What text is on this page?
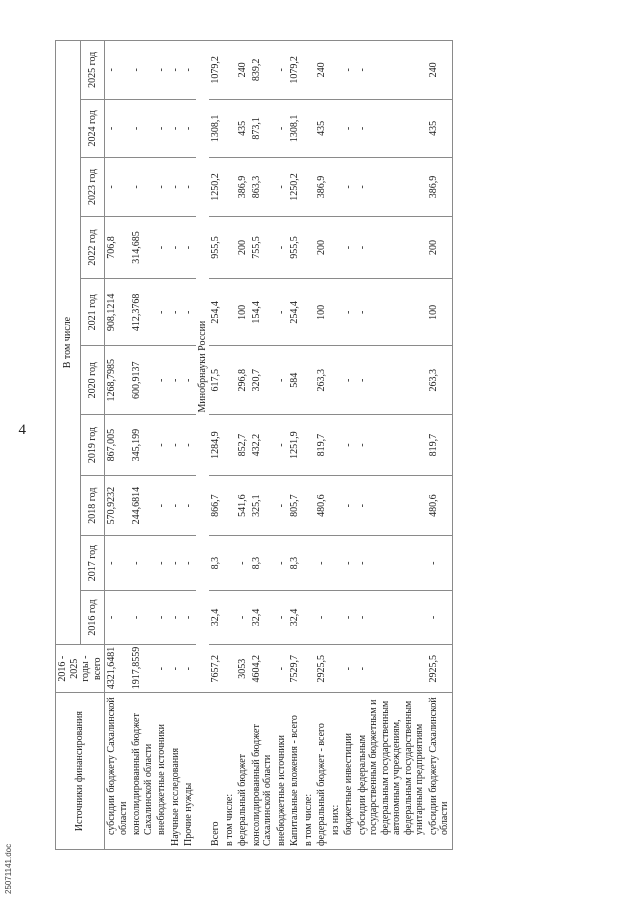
4
Источники финансирования	2016 - 2025 годы - всего	В том числе									
		2016 год	2017 год	2018 год	2019 год	2020 год	2021 год	2022 год	2023 год	2024 год	2025 год
субсидии бюджету Сахалинской области	4321,6481	-	-	570,9232	867,005	1268,7985	908,1214	706,8	-	-	-
консолидированный бюджет Сахалинской области	1917,8559	-	-	244,6814	345,199	600,9137	412,3768	314,685	-	-	-
внебюджетные источники	-	-	-	-	-	-	-	-	-	-	-
Научные исследования	-	-	-	-	-	-	-	-	-	-	-
Прочие нужды	-	-	-	-	-	-	-	-	-	-	-
	Минобрнауки России										
Всего	7657,2	32,4	8,3	866,7	1284,9	617,5	254,4	955,5	1250,2	1308,1	1079,2
в том числе:											
федеральный бюджет	3053	-	-	541,6	852,7	296,8	100	200	386,9	435	240
консолидированный бюджет Сахалинской области	4604,2	32,4	8,3	325,1	432,2	320,7	154,4	755,5	863,3	873,1	839,2
внебюджетные источники	-	-	-	-	-	-	-	-	-	-	-
Капитальные вложения - всего	7529,7	32,4	8,3	805,7	1251,9	584	254,4	955,5	1250,2	1308,1	1079,2
в том числе:											
федеральный бюджет - всего	2925,5	-	-	480,6	819,7	263,3	100	200	386,9	435	240
из них:											
бюджетные инвестиции	-	-	-	-	-	-	-	-	-	-	-
субсидии федеральным государственным бюджетным и федеральным государственным автономным учреждениям, федеральным государственным унитарным предприятиям	-	-	-	-	-	-	-	-	-	-	-
субсидии бюджету Сахалинской области	2925,5	-	-	480,6	819,7	263,3	100	200	386,9	435	240
25071141.doc
